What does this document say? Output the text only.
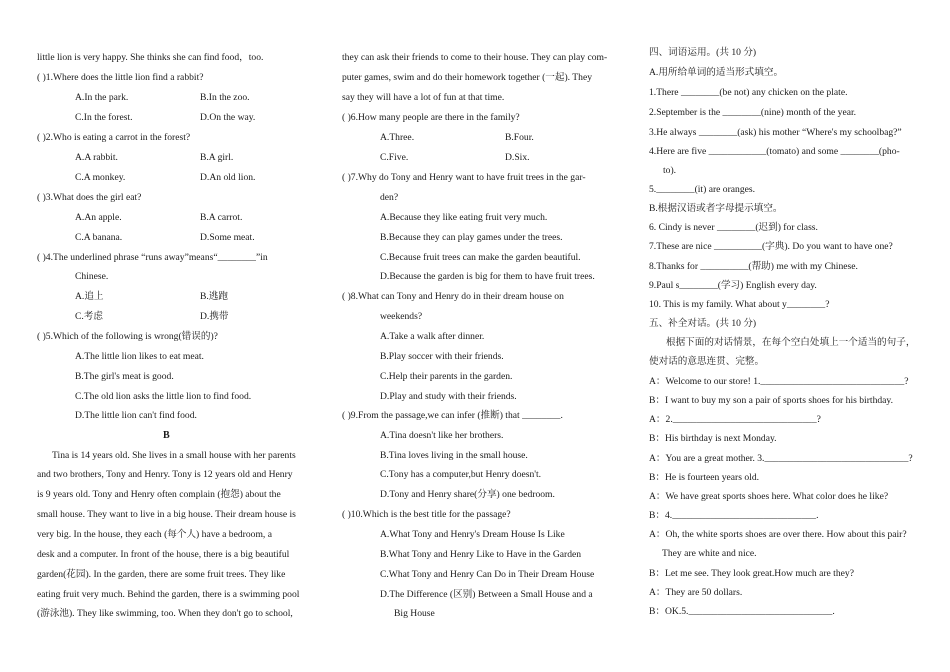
little lion is very happy. She thinks she can find food，too.
( )1.Where does the little lion find a rabbit?
A.In the park.	B.In the zoo.
C.In the forest.	D.On the way.
( )2.Who is eating a carrot in the forest?
A.A rabbit.	B.A girl.
C.A monkey.	D.An old lion.
( )3.What does the girl eat?
A.An apple.	B.A carrot.
C.A banana.	D.Some meat.
( )4.The underlined phrase “runs away”means“________”in
Chinese.
A.追上	B.逃跑
C.考虑	D.携带
( )5.Which of the following is wrong(错误的)?
A.The little lion likes to eat meat.
B.The girl's meat is good.
C.The old lion asks the little lion to find food.
D.The little lion can't find food.
B
Tina is 14 years old. She lives in a small house with her parents
and two brothers, Tony and Henry. Tony is 12 years old and Henry
is 9 years old. Tony and Henry often complain (抱怨) about the
small house. They want to live in a big house. Their dream house is
very big. In the house, they each (每个人) have a bedroom, a
desk and a computer. In front of the house, there is a big beautiful
garden(花园). In the garden, there are some fruit trees. They like
eating fruit very much. Behind the garden, there is a swimming pool
(游泳池). They like swimming, too. When they don't go to school,
they can ask their friends to come to their house. They can play com-
puter games, swim and do their homework together (一起). They
say they will have a lot of fun at that time.
( )6.How many people are there in the family?
A.Three.	B.Four.
C.Five.	D.Six.
( )7.Why do Tony and Henry want to have fruit trees in the gar-
den?
A.Because they like eating fruit very much.
B.Because they can play games under the trees.
C.Because fruit trees can make the garden beautiful.
D.Because the garden is big for them to have fruit trees.
( )8.What can Tony and Henry do in their dream house on
weekends?
A.Take a walk after dinner.
B.Play soccer with their friends.
C.Help their parents in the garden.
D.Play and study with their friends.
( )9.From the passage,we can infer (推断) that ________.
A.Tina doesn't like her brothers.
B.Tina loves living in the small house.
C.Tony has a computer,but Henry doesn't.
D.Tony and Henry share(分享) one bedroom.
( )10.Which is the best title for the passage?
A.What Tony and Henry's Dream House Is Like
B.What Tony and Henry Like to Have in the Garden
C.What Tony and Henry Can Do in Their Dream House
D.The Difference (区别) Between a Small House and a
Big House
四、词语运用。(共 10 分)
A.用所给单词的适当形式填空。
1.There ________(be not) any chicken on the plate.
2.September is the ________(nine) month of the year.
3.He always ________(ask) his mother “Where's my schoolbag?”
4.Here are five ____________(tomato) and some ________(pho-
to).
5.________(it) are oranges.
B.根据汉语或者字母提示填空。
6. Cindy is never ________(迟到) for class.
7.These are nice __________(字典). Do you want to have one?
8.Thanks for __________(帮助) me with my Chinese.
9.Paul s________(学习) English every day.
10. This is my family. What about y________?
五、补全对话。(共 10 分)
根据下面的对话情景，在每个空白处填上一个适当的句子，
使对话的意思连贯、完整。
A：Welcome to our store! 1.______________________________?
B：I want to buy my son a pair of sports shoes for his birthday.
A：2.______________________________?
B：His birthday is next Monday.
A：You are a great mother. 3.______________________________?
B：He is fourteen years old.
A：We have great sports shoes here. What color does he like?
B：4.______________________________.
A：Oh, the white sports shoes are over there. How about this pair?
They are white and nice.
B：Let me see. They look great.How much are they?
A：They are 50 dollars.
B：OK.5.______________________________.
